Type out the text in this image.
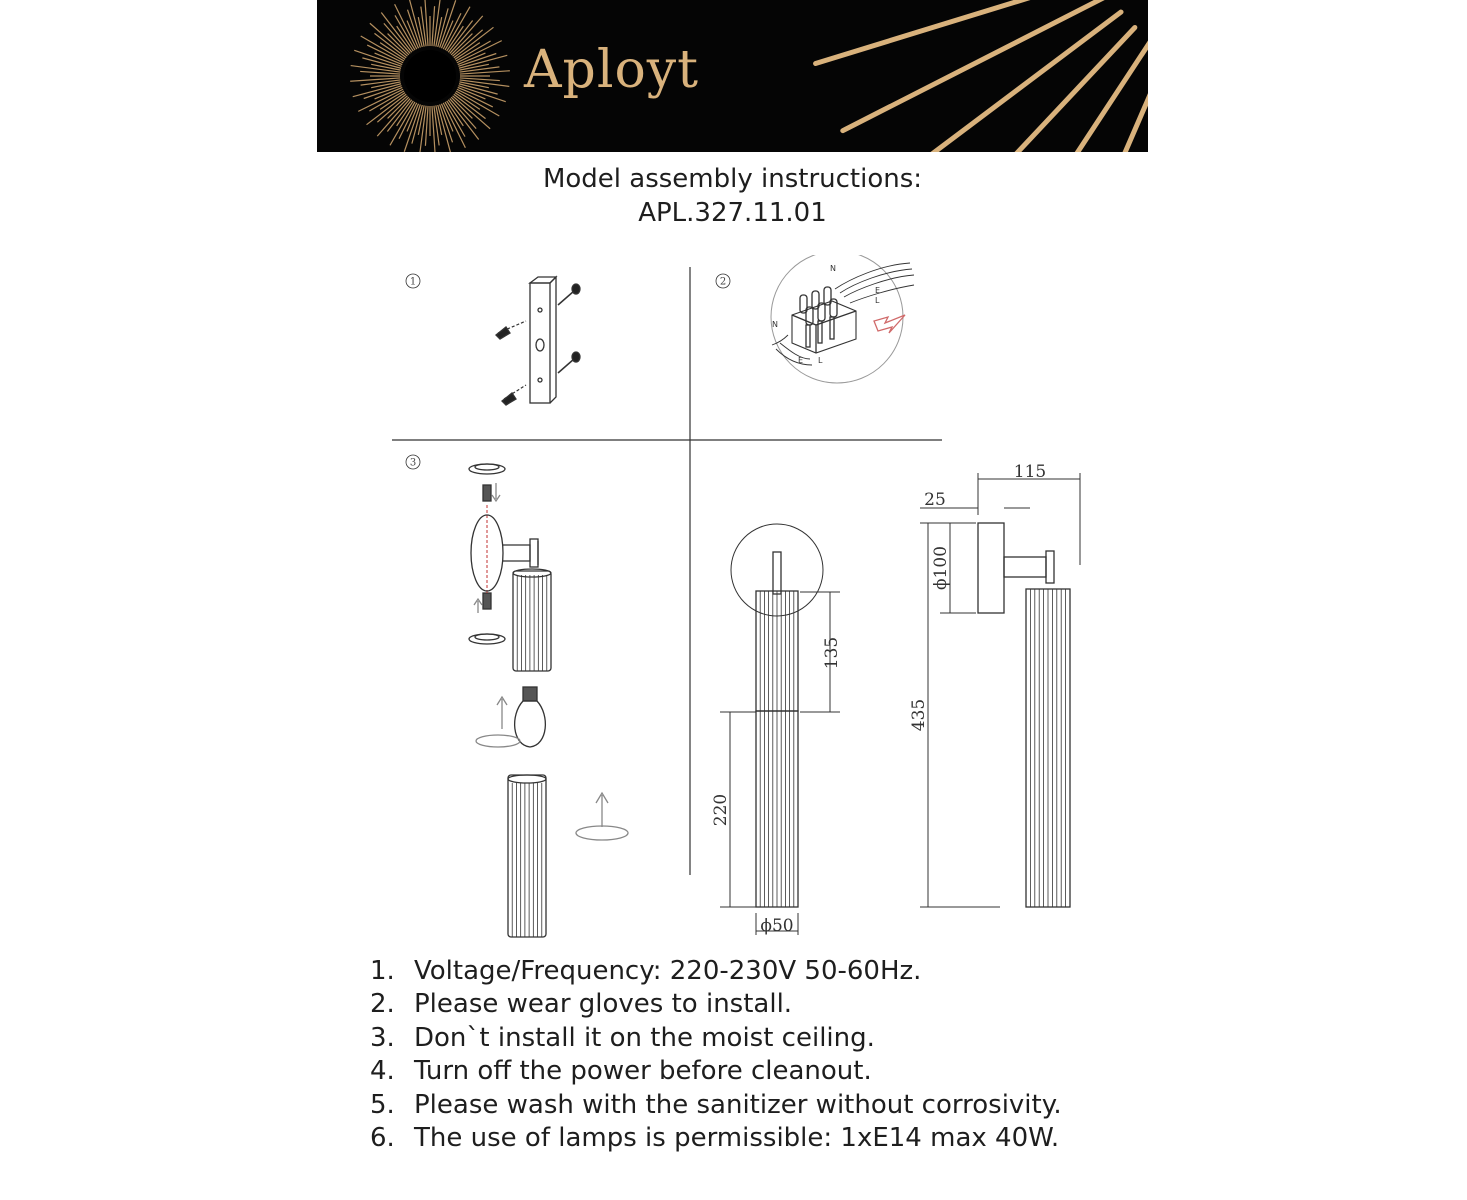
Aployt
Model assembly instructions:
APL.327.11.01
1	2
3
N
E
L
N
E L
135
220
ϕ50
115
25
ϕ100
435
1. Voltage/Frequency: 220-230V 50-60Hz.
2. Please wear gloves to install.
3. Don`t install it on the moist ceiling.
4. Turn off the power before cleanout.
5. Please wash with the sanitizer without corrosivity.
6. The use of lamps is permissible: 1xE14 max 40W.
